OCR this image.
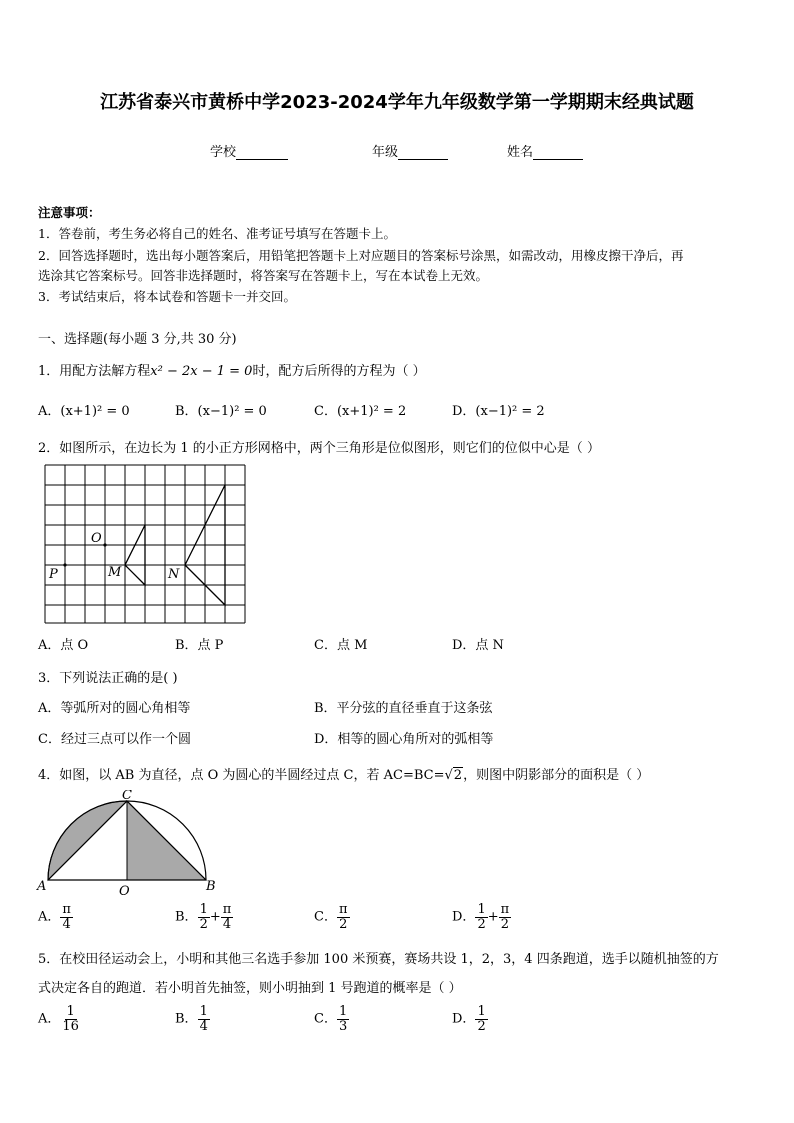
江苏省泰兴市黄桥中学2023-2024学年九年级数学第一学期期末经典试题
学校	年级	姓名
注意事项：
1．答卷前，考生务必将自己的姓名、准考证号填写在答题卡上。
2．回答选择题时，选出每小题答案后，用铅笔把答题卡上对应题目的答案标号涂黑，如需改动，用橡皮擦干净后，再
选涂其它答案标号。回答非选择题时，将答案写在答题卡上，写在本试卷上无效。
3．考试结束后，将本试卷和答题卡一并交回。
一、选择题(每小题 3 分,共 30 分)
1．用配方法解方程x² − 2x − 1 = 0时，配方后所得的方程为（ ）
A．(x+1)² = 0	B．(x−1)² = 0	C．(x+1)² = 2	D．(x−1)² = 2
2．如图所示，在边长为 1 的小正方形网格中，两个三角形是位似图形，则它们的位似中心是（ ）
O
P	M	N
A．点 O	B．点 P	C．点 M	D．点 N
3．下列说法正确的是( )
A．等弧所对的圆心角相等	B．平分弦的直径垂直于这条弦
C．经过三点可以作一个圆	D．相等的圆心角所对的弧相等
4．如图，以 AB 为直径，点 O 为圆心的半圆经过点 C，若 AC=BC=√2，则图中阴影部分的面积是（ ）
C
A	B
O
A． $\frac{\pi}{4}$	B． $\frac{1}{2} + \frac{\pi}{4}$	C． $\frac{\pi}{2}$	D． $\frac{1}{2} + \frac{\pi}{2}$
5．在校田径运动会上，小明和其他三名选手参加 100 米预赛，赛场共设 1，2，3，4 四条跑道，选手以随机抽签的方
式决定各自的跑道．若小明首先抽签，则小明抽到 1 号跑道的概率是（ ）
A． $\frac{1}{16}$	B． $\frac{1}{4}$	C． $\frac{1}{3}$	D． $\frac{1}{2}$
